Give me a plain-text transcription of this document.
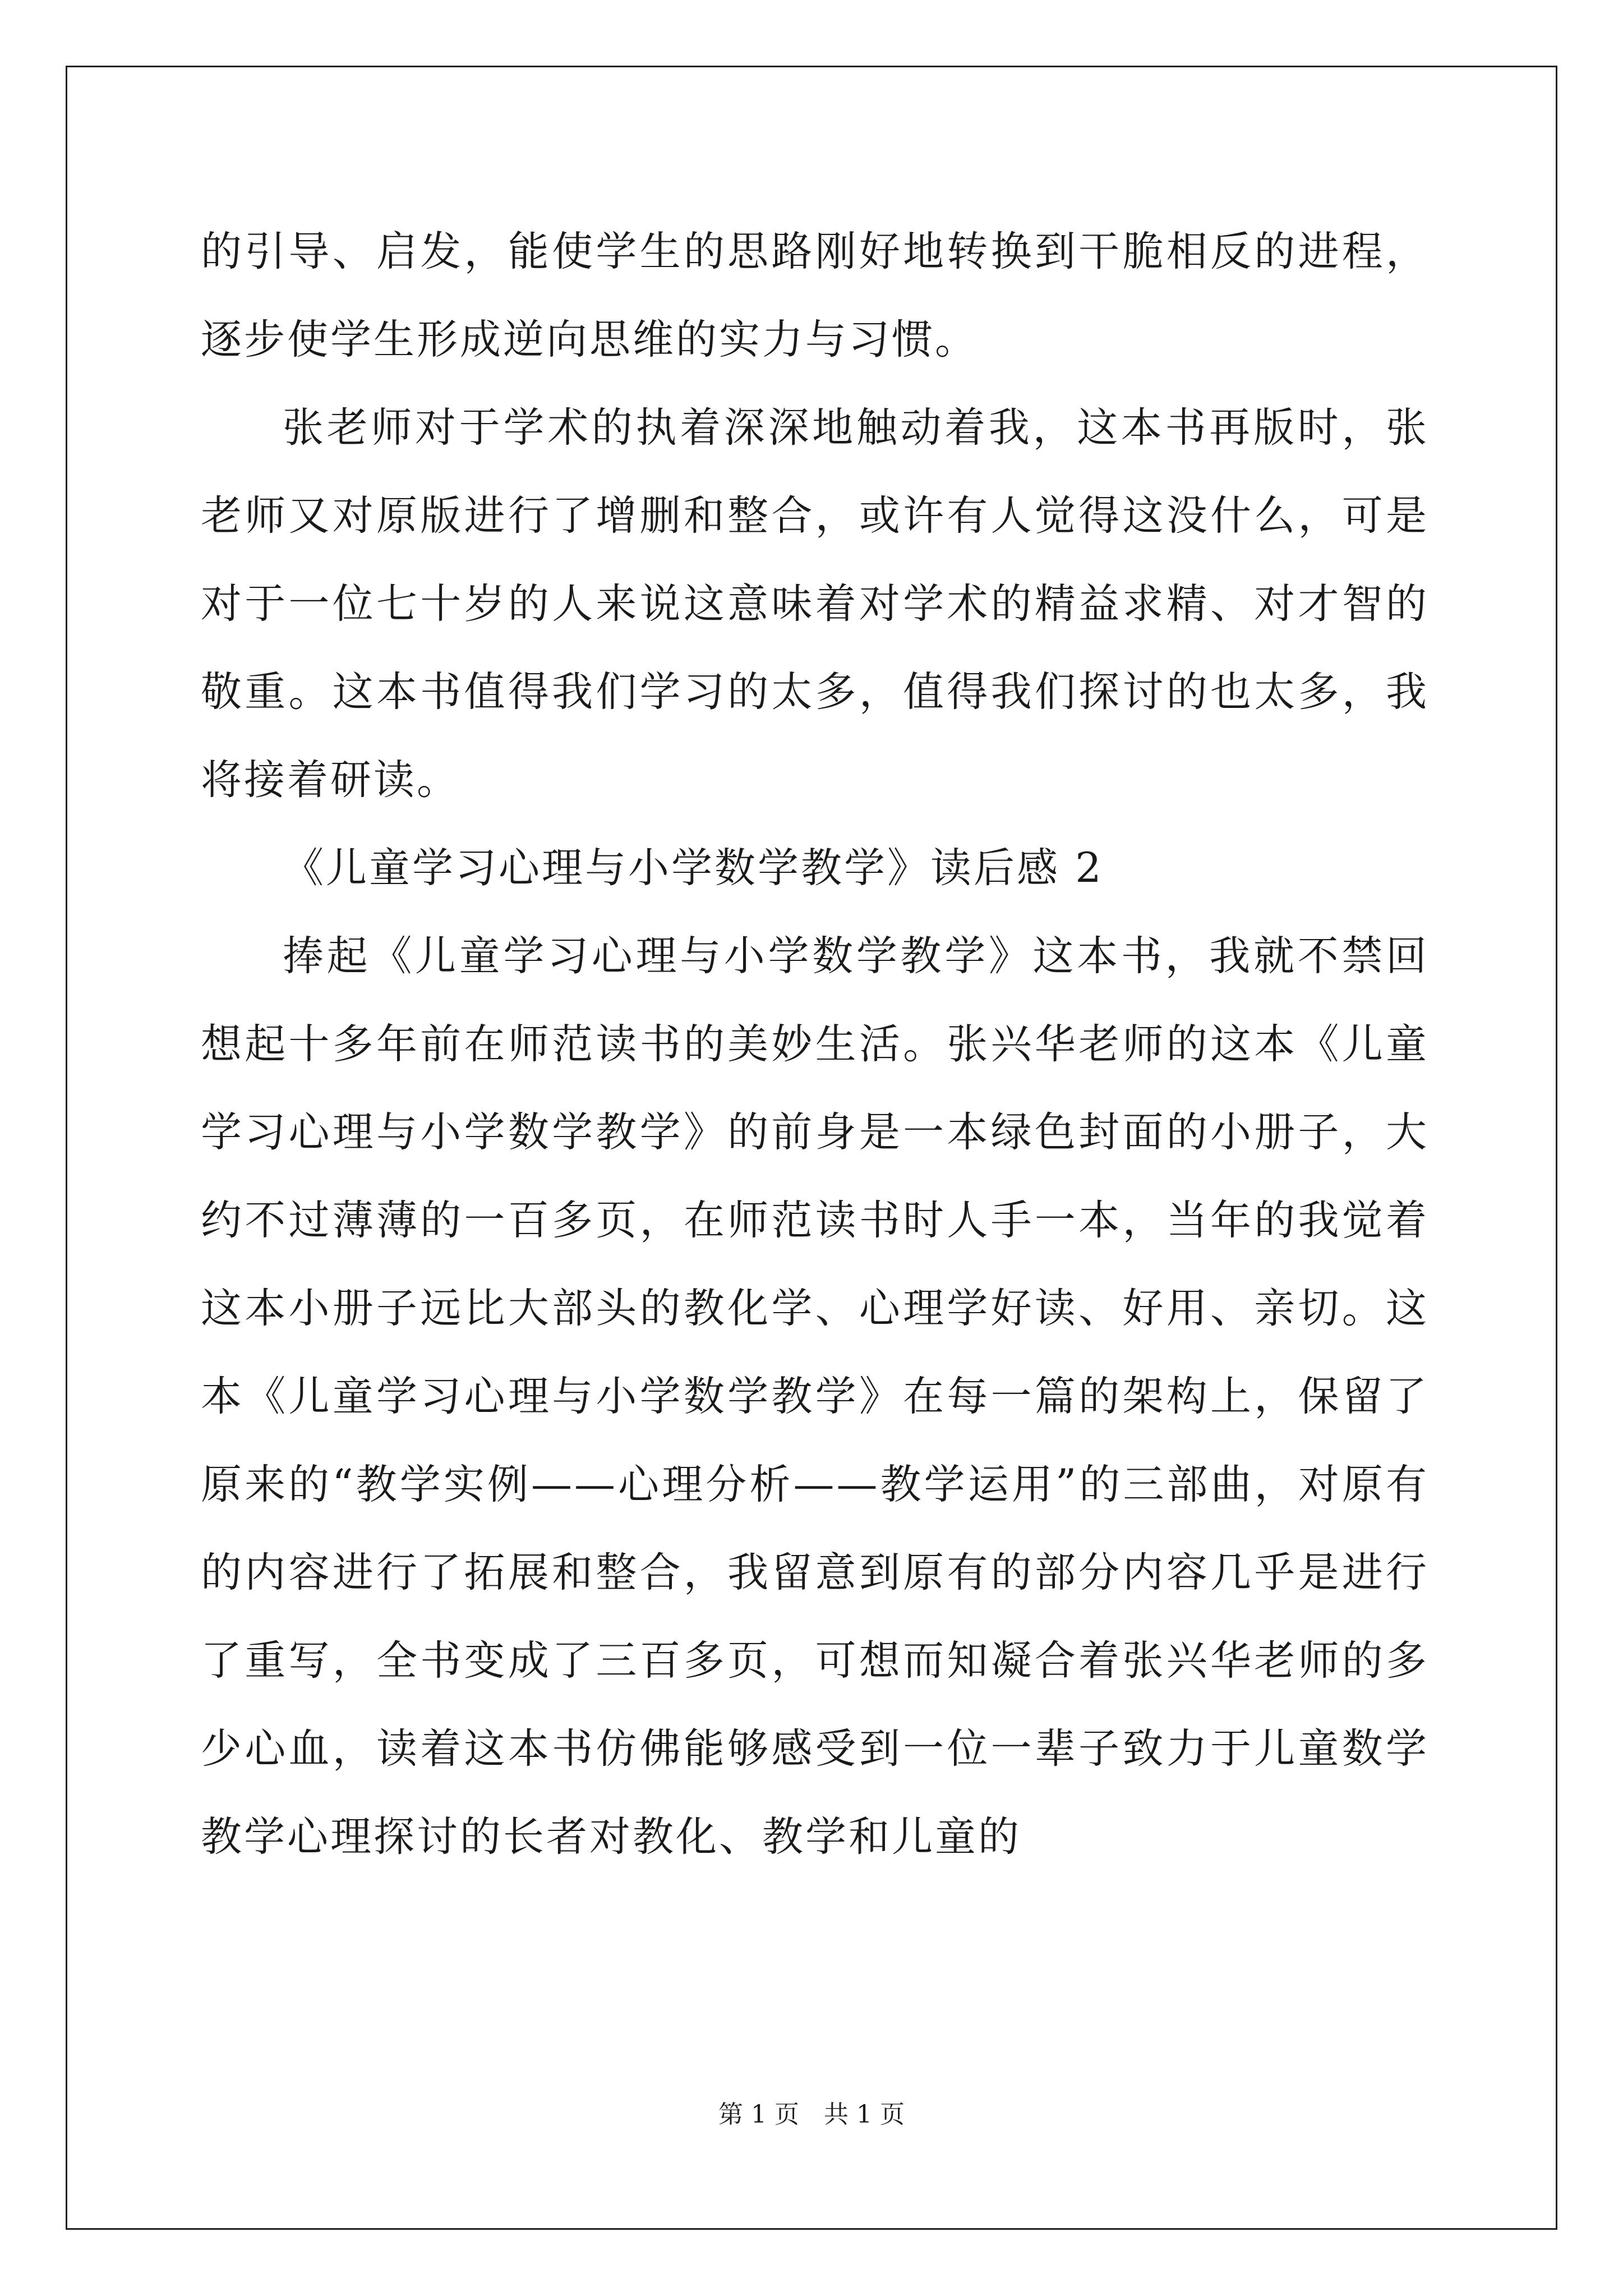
的引导、启发，能使学生的思路刚好地转换到干脆相反的进程，逐步使学生形成逆向思维的实力与习惯。

张老师对于学术的执着深深地触动着我，这本书再版时，张老师又对原版进行了增删和整合，或许有人觉得这没什么，可是对于一位七十岁的人来说这意味着对学术的精益求精、对才智的敬重。这本书值得我们学习的太多，值得我们探讨的也太多，我将接着研读。

《儿童学习心理与小学数学教学》读后感 2

捧起《儿童学习心理与小学数学教学》这本书，我就不禁回想起十多年前在师范读书的美妙生活。张兴华老师的这本《儿童学习心理与小学数学教学》的前身是一本绿色封面的小册子，大约不过薄薄的一百多页，在师范读书时人手一本，当年的我觉着这本小册子远比大部头的教化学、心理学好读、好用、亲切。这本《儿童学习心理与小学数学教学》在每一篇的架构上，保留了原来的“教学实例——心理分析——教学运用”的三部曲，对原有的内容进行了拓展和整合，我留意到原有的部分内容几乎是进行了重写，全书变成了三百多页，可想而知凝合着张兴华老师的多少心血，读着这本书仿佛能够感受到一位一辈子致力于儿童数学教学心理探讨的长者对教化、教学和儿童的

第 1 页 共 1 页
